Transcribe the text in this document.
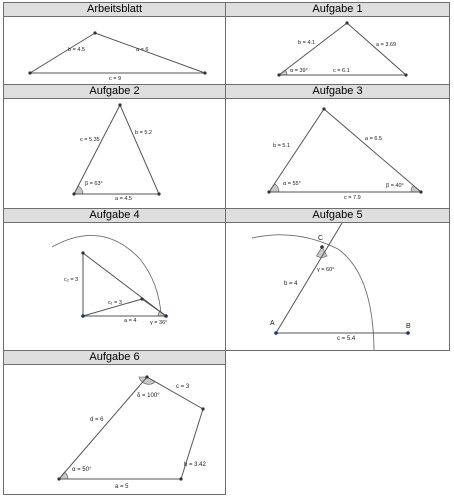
Arbeitsblatt
b = 4.5	a = 6
c = 9
Aufgabe 1
b = 4.1	a = 3.69
α = 39°	c = 6.1
Aufgabe 2
c = 5.35
b = 5.2
β = 63°
a = 4.5
Aufgabe 3
b = 5.1
a = 6.5
α = 55°	β = 40°
c = 7.9
Aufgabe 4
c₂ = 3
c₁ = 3
a = 4 γ = 36°
Aufgabe 5
C
γ = 60°
b = 4
A	B
c = 5.4
Aufgabe 6
c = 3
δ = 100°
d = 6
b = 3.42
α = 50°
a = 5
